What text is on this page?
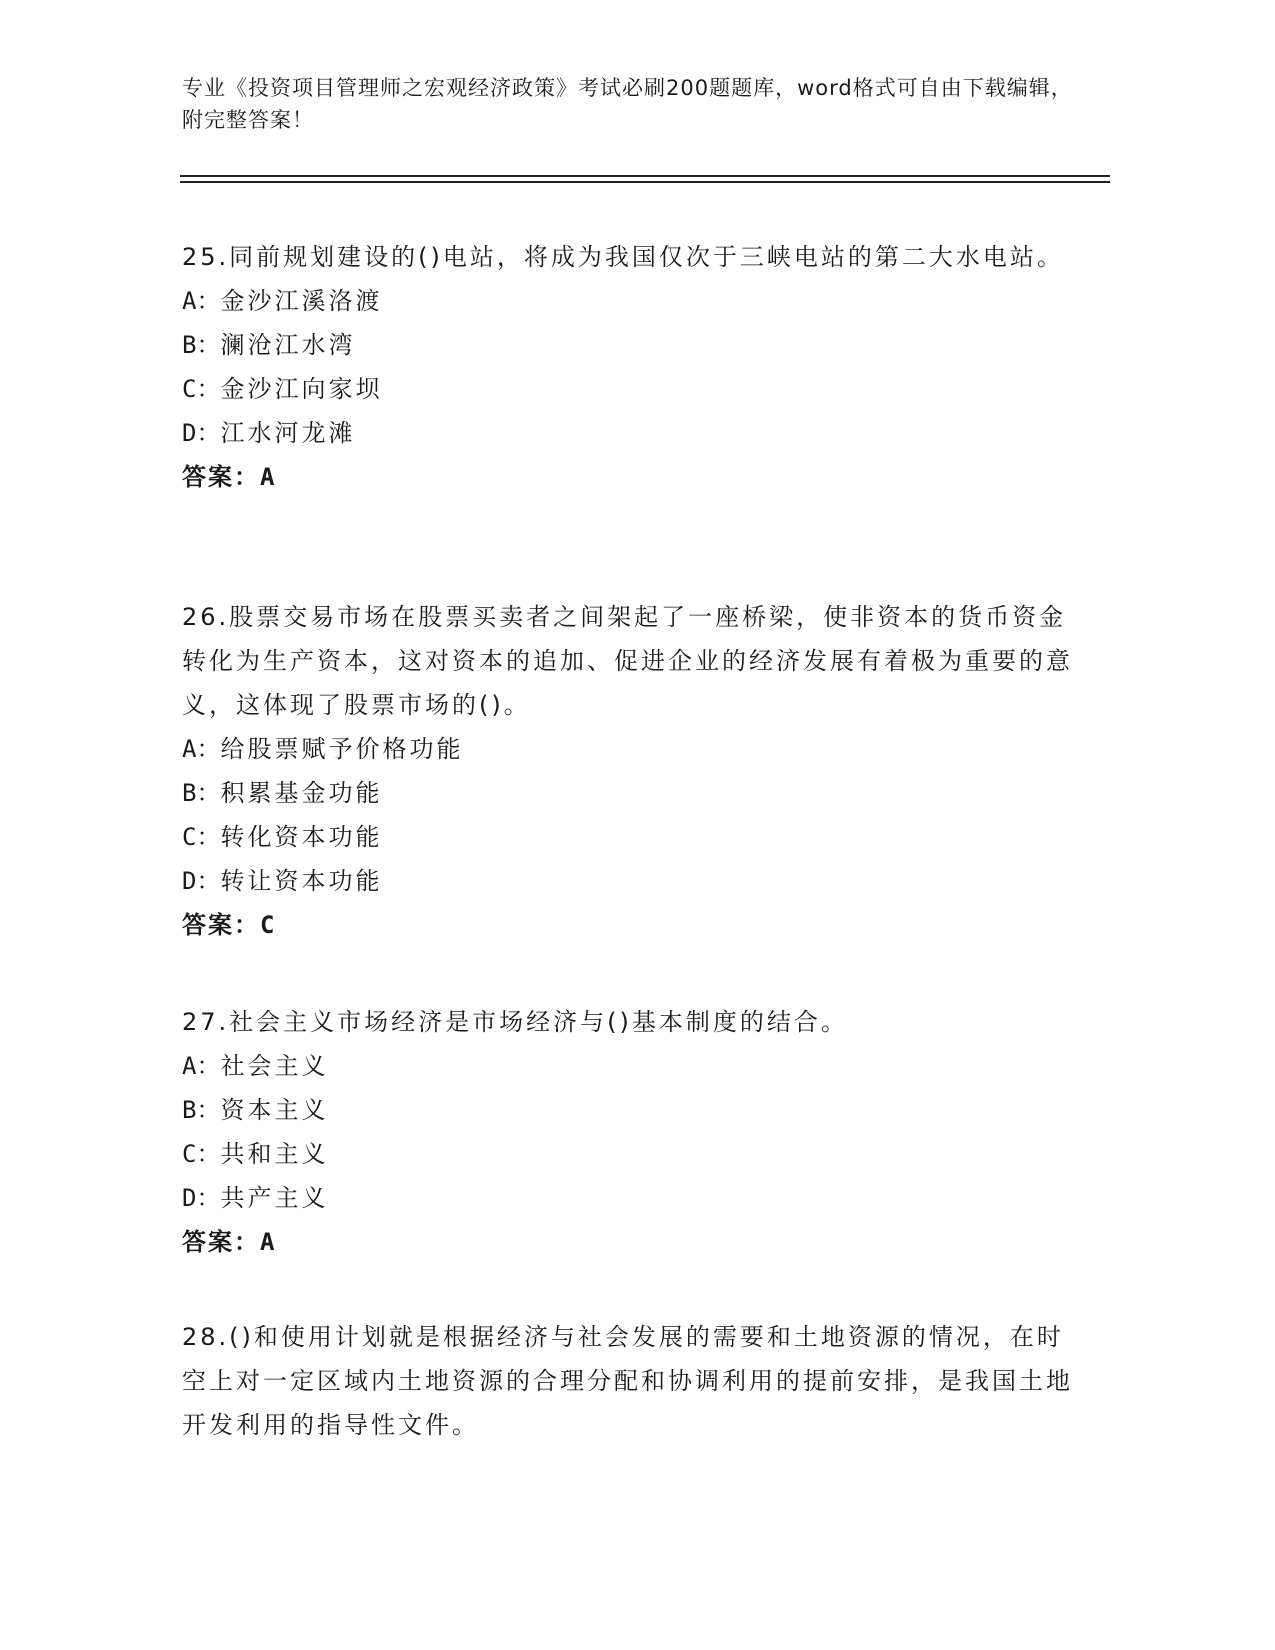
专业《投资项目管理师之宏观经济政策》考试必刷200题题库，word格式可自由下载编辑，附完整答案！
25.同前规划建设的()电站，将成为我国仅次于三峡电站的第二大水电站。
A：金沙江溪洛渡
B：澜沧江水湾
C：金沙江向家坝
D：江水河龙滩
答案：A
26.股票交易市场在股票买卖者之间架起了一座桥梁，使非资本的货币资金转化为生产资本，这对资本的追加、促进企业的经济发展有着极为重要的意义，这体现了股票市场的()。
A：给股票赋予价格功能
B：积累基金功能
C：转化资本功能
D：转让资本功能
答案：C
27.社会主义市场经济是市场经济与()基本制度的结合。
A：社会主义
B：资本主义
C：共和主义
D：共产主义
答案：A
28.()和使用计划就是根据经济与社会发展的需要和土地资源的情况，在时空上对一定区域内土地资源的合理分配和协调利用的提前安排，是我国土地开发利用的指导性文件。
